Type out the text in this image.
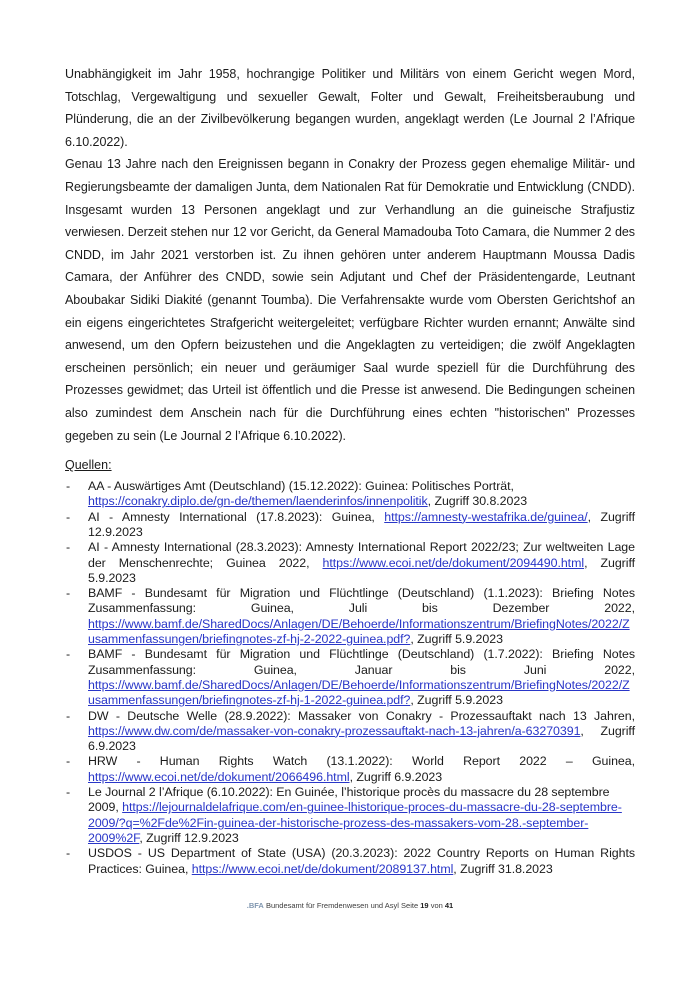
Unabhängigkeit im Jahr 1958, hochrangige Politiker und Militärs von einem Gericht wegen Mord, Totschlag, Vergewaltigung und sexueller Gewalt, Folter und Gewalt, Freiheitsberaubung und Plünderung, die an der Zivilbevölkerung begangen wurden, angeklagt werden (Le Journal 2 l’Afrique 6.10.2022).

Genau 13 Jahre nach den Ereignissen begann in Conakry der Prozess gegen ehemalige Militär- und Regierungsbeamte der damaligen Junta, dem Nationalen Rat für Demokratie und Entwicklung (CNDD). Insgesamt wurden 13 Personen angeklagt und zur Verhandlung an die guineische Strafjustiz verwiesen. Derzeit stehen nur 12 vor Gericht, da General Mamadouba Toto Camara, die Nummer 2 des CNDD, im Jahr 2021 verstorben ist. Zu ihnen gehören unter anderem Hauptmann Moussa Dadis Camara, der Anführer des CNDD, sowie sein Adjutant und Chef der Präsidentengarde, Leutnant Aboubakar Sidiki Diakité (genannt Toumba). Die Verfahrensakte wurde vom Obersten Gerichtshof an ein eigens eingerichtetes Strafgericht weitergeleitet; verfügbare Richter wurden ernannt; Anwälte sind anwesend, um den Opfern beizustehen und die Angeklagten zu verteidigen; die zwölf Angeklagten erscheinen persönlich; ein neuer und geräumiger Saal wurde speziell für die Durchführung des Prozesses gewidmet; das Urteil ist öffentlich und die Presse ist anwesend. Die Bedingungen scheinen also zumindest dem Anschein nach für die Durchführung eines echten "historischen" Prozesses gegeben zu sein (Le Journal 2 l’Afrique 6.10.2022).

Quellen:
- AA - Auswärtiges Amt (Deutschland) (15.12.2022): Guinea: Politisches Porträt, https://conakry.diplo.de/gn-de/themen/laenderinfos/innenpolitik, Zugriff 30.8.2023
- AI - Amnesty International (17.8.2023): Guinea, https://amnesty-westafrika.de/guinea/, Zugriff 12.9.2023
- AI - Amnesty International (28.3.2023): Amnesty International Report 2022/23; Zur weltweiten Lage der Menschenrechte; Guinea 2022, https://www.ecoi.net/de/dokument/2094490.html, Zugriff 5.9.2023
- BAMF - Bundesamt für Migration und Flüchtlinge (Deutschland) (1.1.2023): Briefing Notes Zusammenfassung: Guinea, Juli bis Dezember 2022, https://www.bamf.de/SharedDocs/Anlagen/DE/Behoerde/Informationszentrum/BriefingNotes/2022/Zusammenfassungen/briefingnotes-zf-hj-2-2022-guinea.pdf?, Zugriff 5.9.2023
- BAMF - Bundesamt für Migration und Flüchtlinge (Deutschland) (1.7.2022): Briefing Notes Zusammenfassung: Guinea, Januar bis Juni 2022, https://www.bamf.de/SharedDocs/Anlagen/DE/Behoerde/Informationszentrum/BriefingNotes/2022/Zusammenfassungen/briefingnotes-zf-hj-1-2022-guinea.pdf?, Zugriff 5.9.2023
- DW - Deutsche Welle (28.9.2022): Massaker von Conakry - Prozessauftakt nach 13 Jahren, https://www.dw.com/de/massaker-von-conakry-prozessauftakt-nach-13-jahren/a-63270391, Zugriff 6.9.2023
- HRW - Human Rights Watch (13.1.2022): World Report 2022 – Guinea, https://www.ecoi.net/de/dokument/2066496.html, Zugriff 6.9.2023
- Le Journal 2 l’Afrique (6.10.2022): En Guinée, l’historique procès du massacre du 28 septembre 2009, https://lejournaldelafrique.com/en-guinee-lhistorique-proces-du-massacre-du-28-septembre-2009/?q=%2Fde%2Fin-guinea-der-historische-prozess-des-massakers-vom-28.-september-2009%2F, Zugriff 12.9.2023
- USDOS - US Department of State (USA) (20.3.2023): 2022 Country Reports on Human Rights Practices: Guinea, https://www.ecoi.net/de/dokument/2089137.html, Zugriff 31.8.2023
.BFA Bundesamt für Fremdenwesen und Asyl Seite 19 von 41
